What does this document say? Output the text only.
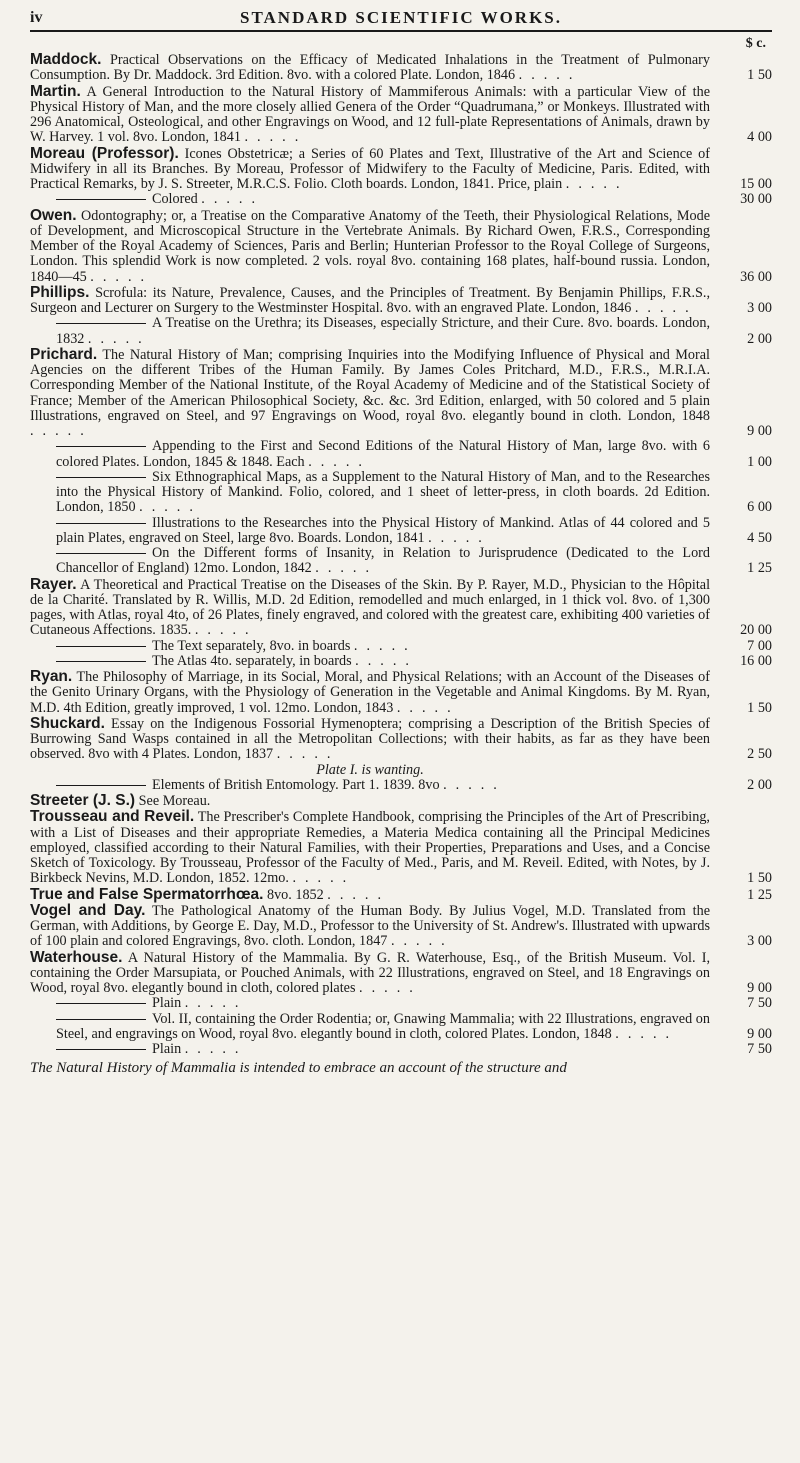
iv	STANDARD SCIENTIFIC WORKS.
$ c.
Maddock. Practical Observations on the Efficacy of Medicated Inhalations in the Treatment of Pulmonary Consumption. By Dr. Maddock. 3rd Edition. 8vo. with a colored Plate. London, 1846 .....	1 50
Martin. A General Introduction to the Natural History of Mammiferous Animals: with a particular View of the Physical History of Man, and the more closely allied Genera of the Order “Quadrumana,” or Monkeys. Illustrated with 296 Anatomical, Osteological, and other Engravings on Wood, and 12 full-plate Representations of Animals, drawn by W. Harvey. 1 vol. 8vo. London, 1841 .....	4 00
Moreau (Professor). Icones Obstetricæ; a Series of 60 Plates and Text, Illustrative of the Art and Science of Midwifery in all its Branches. By Moreau, Professor of Midwifery to the Faculty of Medicine, Paris. Edited, with Practical Remarks, by J. S. Streeter, M.R.C.S. Folio. Cloth boards. London, 1841. Price, plain .....	15 00
Colored .....	30 00
Owen. Odontography; or, a Treatise on the Comparative Anatomy of the Teeth, their Physiological Relations, Mode of Development, and Microscopical Structure in the Vertebrate Animals. By Richard Owen, F.R.S., Corresponding Member of the Royal Academy of Sciences, Paris and Berlin; Hunterian Professor to the Royal College of Surgeons, London. This splendid Work is now completed. 2 vols. royal 8vo. containing 168 plates, half-bound russia. London, 1840—45 .....	36 00
Phillips. Scrofula: its Nature, Prevalence, Causes, and the Principles of Treatment. By Benjamin Phillips, F.R.S., Surgeon and Lecturer on Surgery to the Westminster Hospital. 8vo. with an engraved Plate. London, 1846 .....	3 00
A Treatise on the Urethra; its Diseases, especially Stricture, and their Cure. 8vo. boards. London, 1832 .....	2 00
Prichard. The Natural History of Man; comprising Inquiries into the Modifying Influence of Physical and Moral Agencies on the different Tribes of the Human Family. By James Coles Pritchard, M.D., F.R.S., M.R.I.A. Corresponding Member of the National Institute, of the Royal Academy of Medicine and of the Statistical Society of France; Member of the American Philosophical Society, &c. &c. 3rd Edition, enlarged, with 50 colored and 5 plain Illustrations, engraved on Steel, and 97 Engravings on Wood, royal 8vo. elegantly bound in cloth. London, 1848 .....	9 00
Appending to the First and Second Editions of the Natural History of Man, large 8vo. with 6 colored Plates. London, 1845 & 1848. Each .....	1 00
Six Ethnographical Maps, as a Supplement to the Natural History of Man, and to the Researches into the Physical History of Mankind. Folio, colored, and 1 sheet of letter-press, in cloth boards. 2d Edition. London, 1850 .....	6 00
Illustrations to the Researches into the Physical History of Mankind. Atlas of 44 colored and 5 plain Plates, engraved on Steel, large 8vo. Boards. London, 1841 .....	4 50
On the Different forms of Insanity, in Relation to Jurisprudence (Dedicated to the Lord Chancellor of England) 12mo. London, 1842 .....	1 25
Rayer. A Theoretical and Practical Treatise on the Diseases of the Skin. By P. Rayer, M.D., Physician to the Hôpital de la Charité. Translated by R. Willis, M.D. 2d Edition, remodelled and much enlarged, in 1 thick vol. 8vo. of 1,300 pages, with Atlas, royal 4to, of 26 Plates, finely engraved, and colored with the greatest care, exhibiting 400 varieties of Cutaneous Affections. 1835. .....	20 00
The Text separately, 8vo. in boards .....	7 00
The Atlas 4to. separately, in boards .....	16 00
Ryan. The Philosophy of Marriage, in its Social, Moral, and Physical Relations; with an Account of the Diseases of the Genito Urinary Organs, with the Physiology of Generation in the Vegetable and Animal Kingdoms. By M. Ryan, M.D. 4th Edition, greatly improved, 1 vol. 12mo. London, 1843 .....	1 50
Shuckard. Essay on the Indigenous Fossorial Hymenoptera; comprising a Description of the British Species of Burrowing Sand Wasps contained in all the Metropolitan Collections; with their habits, as far as they have been observed. 8vo with 4 Plates. London, 1837 .....	2 50
Plate I. is wanting.
Elements of British Entomology. Part 1. 1839. 8vo .....	2 00
Streeter (J. S.) See Moreau.
Trousseau and Reveil. The Prescriber's Complete Handbook, comprising the Principles of the Art of Prescribing, with a List of Diseases and their appropriate Remedies, a Materia Medica containing all the Principal Medicines employed, classified according to their Natural Families, with their Properties, Preparations and Uses, and a Concise Sketch of Toxicology. By Trousseau, Professor of the Faculty of Med., Paris, and M. Reveil. Edited, with Notes, by J. Birkbeck Nevins, M.D. London, 1852. 12mo. .....	1 50
True and False Spermatorrhœa. 8vo. 1852 .....	1 25
Vogel and Day. The Pathological Anatomy of the Human Body. By Julius Vogel, M.D. Translated from the German, with Additions, by George E. Day, M.D., Professor to the University of St. Andrew's. Illustrated with upwards of 100 plain and colored Engravings, 8vo. cloth. London, 1847 .....	3 00
Waterhouse. A Natural History of the Mammalia. By G. R. Waterhouse, Esq., of the British Museum. Vol. I, containing the Order Marsupiata, or Pouched Animals, with 22 Illustrations, engraved on Steel, and 18 Engravings on Wood, royal 8vo. elegantly bound in cloth, colored plates .....	9 00
Plain .....	7 50
Vol. II, containing the Order Rodentia; or, Gnawing Mammalia; with 22 Illustrations, engraved on Steel, and engravings on Wood, royal 8vo. elegantly bound in cloth, colored Plates. London, 1848 .....	9 00
Plain .....	7 50
The Natural History of Mammalia is intended to embrace an account of the structure and
